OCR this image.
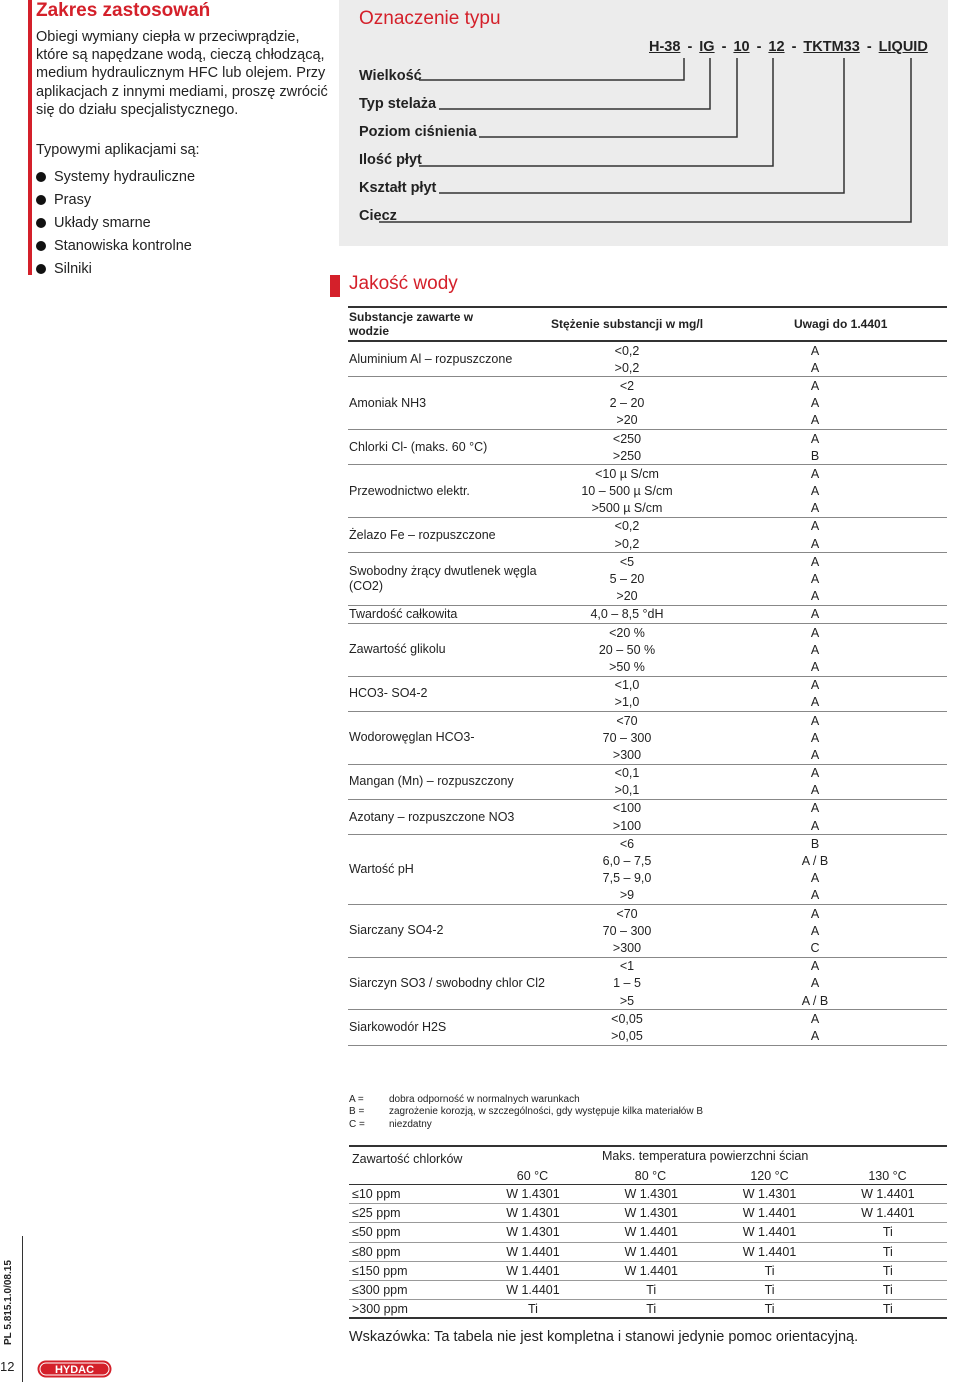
Zakres zastosowań

Obiegi wymiany ciepła w przeciwprądzie, które są napędzane wodą, cieczą chłodzącą, medium hydraulicznym HFC lub olejem. Przy aplikacjach z innymi mediami, proszę zwrócić się do działu specjalistycznego.

Typowymi aplikacjami są:
Systemy hydrauliczne
Prasy
Układy smarne
Stanowiska kontrolne
Silniki
Oznaczenie typu
H-38 - IG - 10 - 12 - TKTM33 - LIQUID
Wielkość
Typ stelaża
Poziom ciśnienia
Ilość płyt
Kształt płyt
Ciecz
Jakość wody
Substancje zawarte w wodzie	Stężenie substancji w mg/l	Uwagi do 1.4401
Aluminium Al – rozpuszczone
<0,2	A
>0,2	A
Amoniak NH3
<2	A
2 – 20	A
>20	A
Chlorki Cl- (maks. 60 °C)
<250	A
>250	B
Przewodnictwo elektr.
<10 µ S/cm	A
10 – 500 µ S/cm	A
>500 µ S/cm	A
Żelazo Fe – rozpuszczone
<0,2	A
>0,2	A
Swobodny żrący dwutlenek węgla (CO2)
<5	A
5 – 20	A
>20	A
Twardość całkowita	4,0 – 8,5 °dH	A
Zawartość glikolu
<20 %	A
20 – 50 %	A
>50 %	A
HCO3- SO4-2
<1,0	A
>1,0	A
Wodorowęglan HCO3-
<70	A
70 – 300	A
>300	A
Mangan (Mn) – rozpuszczony
<0,1	A
>0,1	A
Azotany – rozpuszczone NO3
<100	A
>100	A
Wartość pH
<6	B
6,0 – 7,5	A / B
7,5 – 9,0	A
>9	A
Siarczany SO4-2
<70	A
70 – 300	A
>300	C
Siarczyn SO3 / swobodny chlor Cl2
<1	A
1 – 5	A
>5	A / B
Siarkowodór H2S
<0,05	A
>0,05	A
A =	dobra odporność w normalnych warunkach
B = zagrożenie korozją, w szczególności, gdy występuje kilka materiałów B
C = niezdatny
Zawartość chlorków	Maks. temperatura powierzchni ścian
60 °C	80 °C	120 °C	130 °C
≤10 ppm	W 1.4301	W 1.4301	W 1.4301	W 1.4401
≤25 ppm	W 1.4301	W 1.4301	W 1.4401	W 1.4401
≤50 ppm	W 1.4301	W 1.4401	W 1.4401	Ti
≤80 ppm	W 1.4401	W 1.4401	W 1.4401	Ti
≤150 ppm	W 1.4401	W 1.4401	Ti	Ti
≤300 ppm	W 1.4401	Ti	Ti	Ti
>300 ppm	Ti	Ti	Ti	Ti
Wskazówka: Ta tabela nie jest kompletna i stanowi jedynie pomoc orientacyjną.
PL 5.815.1.0/08.15
12	HYDAC
